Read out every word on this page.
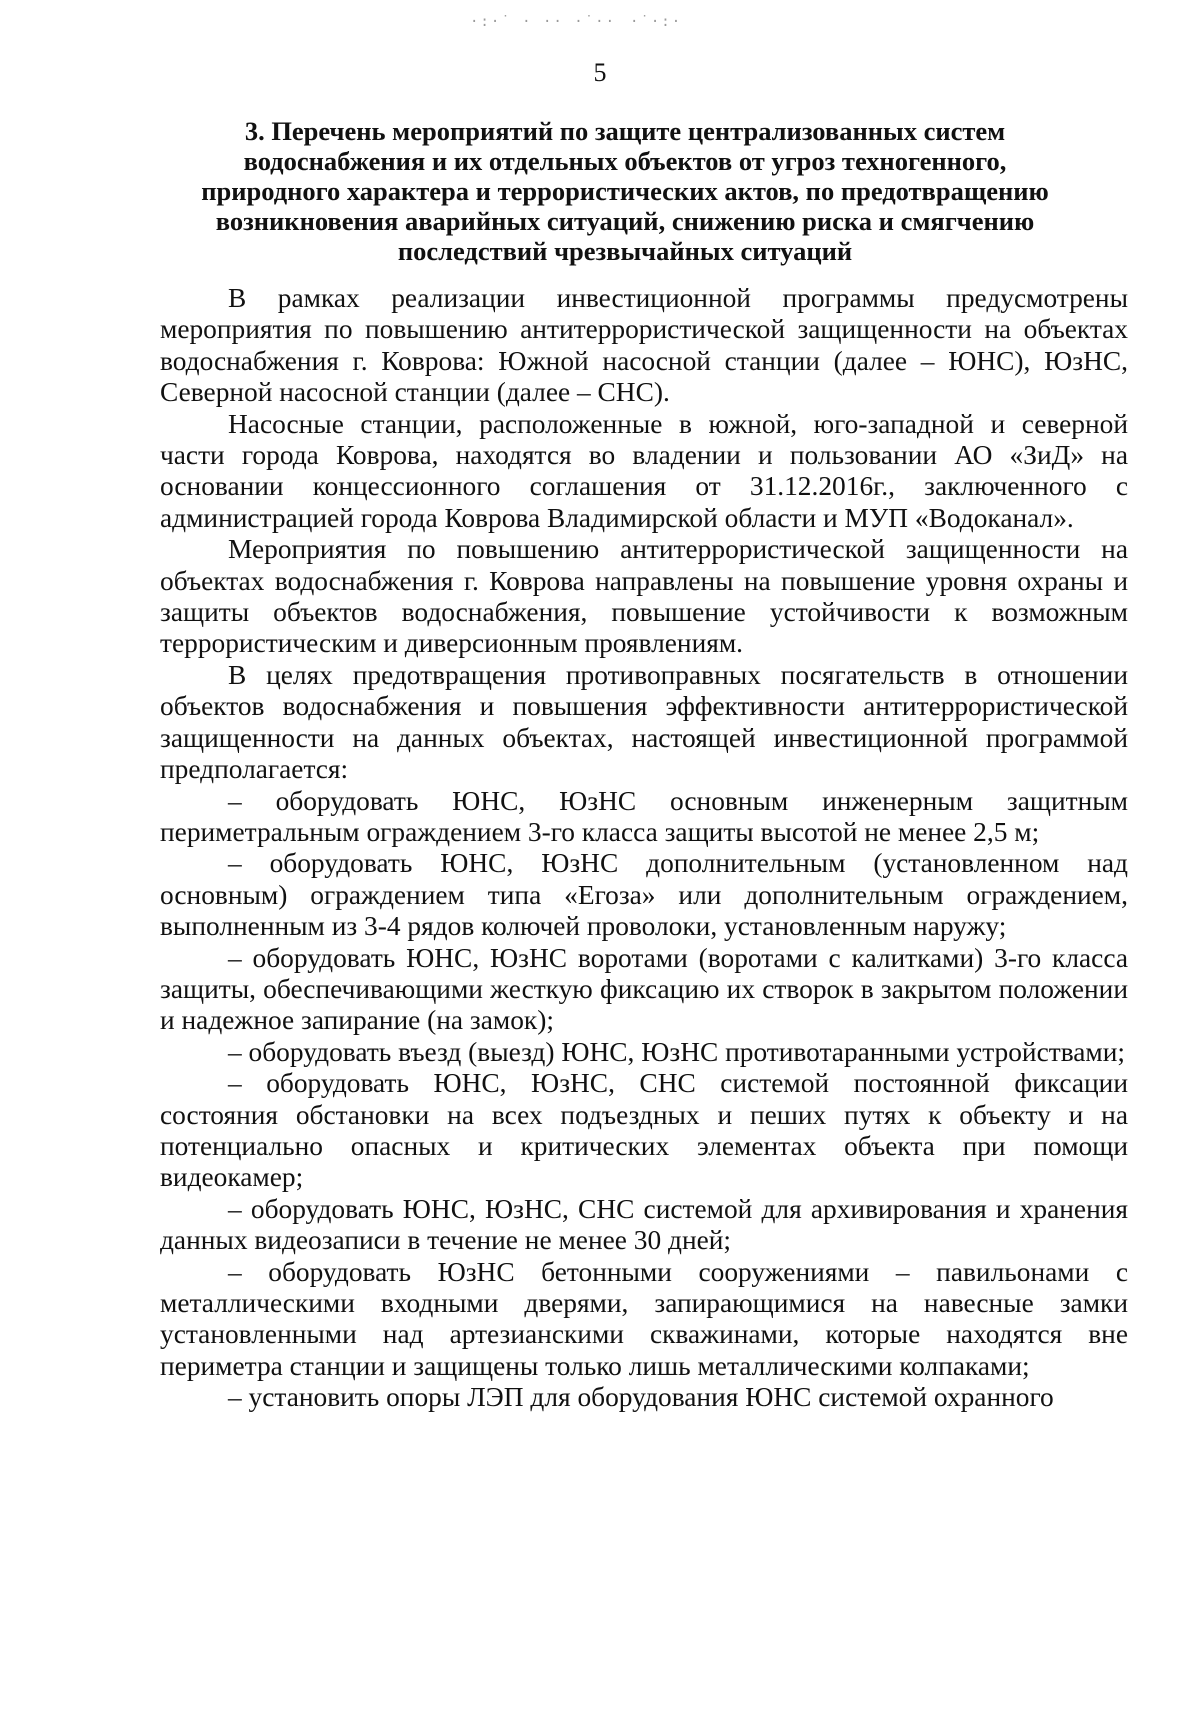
·:·˙ · ·· ·˙·· ·˙·:·
5
3. Перечень мероприятий по защите централизованных систем
водоснабжения и их отдельных объектов от угроз техногенного,
природного характера и террористических актов, по предотвращению
возникновения аварийных ситуаций, снижению риска и смягчению
последствий чрезвычайных ситуаций

В рамках реализации инвестиционной программы предусмотрены мероприятия по повышению антитеррористической защищенности на объектах водоснабжения г. Коврова: Южной насосной станции (далее – ЮНС), ЮзНС, Северной насосной станции (далее – СНС).

Насосные станции, расположенные в южной, юго-западной и северной части города Коврова, находятся во владении и пользовании АО «ЗиД» на основании концессионного соглашения от 31.12.2016г., заключенного с администрацией города Коврова Владимирской области и МУП «Водоканал».

Мероприятия по повышению антитеррористической защищенности на объектах водоснабжения г. Коврова направлены на повышение уровня охраны и защиты объектов водоснабжения, повышение устойчивости к возможным террористическим и диверсионным проявлениям.

В целях предотвращения противоправных посягательств в отношении объектов водоснабжения и повышения эффективности антитеррористической защищенности на данных объектах, настоящей инвестиционной программой предполагается:

– оборудовать ЮНС, ЮзНС основным инженерным защитным периметральным ограждением 3-го класса защиты высотой не менее 2,5 м;

– оборудовать ЮНС, ЮзНС дополнительным (установленном над основным) ограждением типа «Егоза» или дополнительным ограждением, выполненным из 3-4 рядов колючей проволоки, установленным наружу;

– оборудовать ЮНС, ЮзНС воротами (воротами с калитками) 3-го класса защиты, обеспечивающими жесткую фиксацию их створок в закрытом положении и надежное запирание (на замок);

– оборудовать въезд (выезд) ЮНС, ЮзНС противотаранными устройствами;

– оборудовать ЮНС, ЮзНС, СНС системой постоянной фиксации состояния обстановки на всех подъездных и пеших путях к объекту и на потенциально опасных и критических элементах объекта при помощи видеокамер;

– оборудовать ЮНС, ЮзНС, СНС системой для архивирования и хранения данных видеозаписи в течение не менее 30 дней;

– оборудовать ЮзНС бетонными сооружениями – павильонами с металлическими входными дверями, запирающимися на навесные замки установленными над артезианскими скважинами, которые находятся вне периметра станции и защищены только лишь металлическими колпаками;

– установить опоры ЛЭП для оборудования ЮНС системой охранного
